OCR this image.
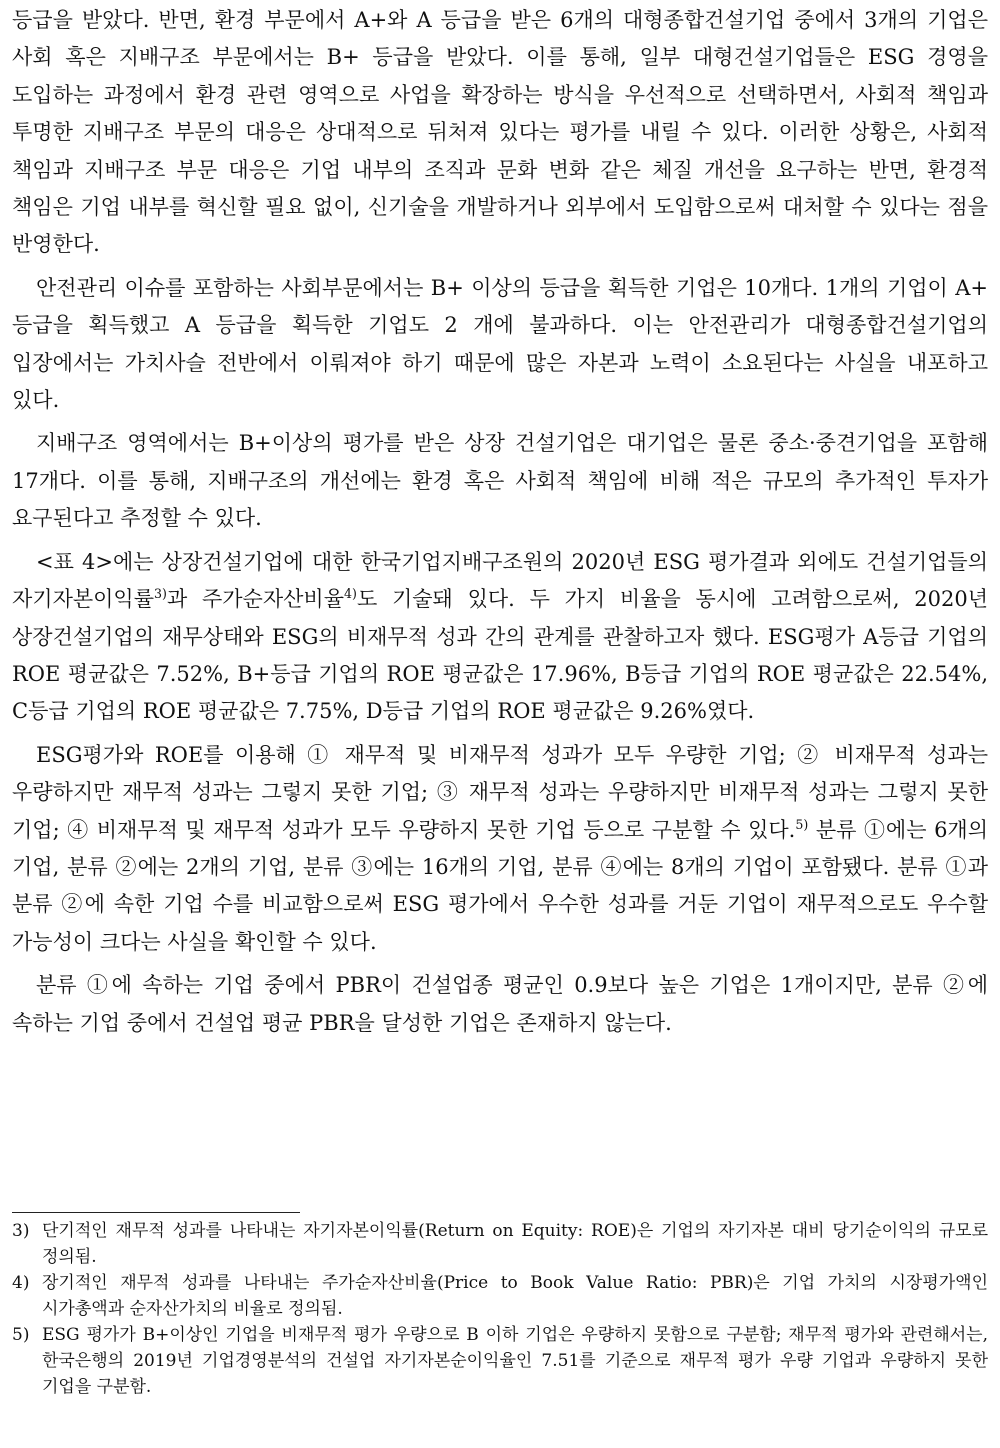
등급을 받았다. 반면, 환경 부문에서 A+와 A 등급을 받은 6개의 대형종합건설기업 중에서 3개의 기업은 사회 혹은 지배구조 부문에서는 B+ 등급을 받았다. 이를 통해, 일부 대형건설기업들은 ESG 경영을 도입하는 과정에서 환경 관련 영역으로 사업을 확장하는 방식을 우선적으로 선택하면서, 사회적 책임과 투명한 지배구조 부문의 대응은 상대적으로 뒤처져 있다는 평가를 내릴 수 있다. 이러한 상황은, 사회적 책임과 지배구조 부문 대응은 기업 내부의 조직과 문화 변화 같은 체질 개선을 요구하는 반면, 환경적 책임은 기업 내부를 혁신할 필요 없이, 신기술을 개발하거나 외부에서 도입함으로써 대처할 수 있다는 점을 반영한다.

안전관리 이슈를 포함하는 사회부문에서는 B+ 이상의 등급을 획득한 기업은 10개다. 1개의 기업이 A+ 등급을 획득했고 A 등급을 획득한 기업도 2 개에 불과하다. 이는 안전관리가 대형종합건설기업의 입장에서는 가치사슬 전반에서 이뤄져야 하기 때문에 많은 자본과 노력이 소요된다는 사실을 내포하고 있다.

지배구조 영역에서는 B+이상의 평가를 받은 상장 건설기업은 대기업은 물론 중소·중견기업을 포함해 17개다. 이를 통해, 지배구조의 개선에는 환경 혹은 사회적 책임에 비해 적은 규모의 추가적인 투자가 요구된다고 추정할 수 있다.

<표 4>에는 상장건설기업에 대한 한국기업지배구조원의 2020년 ESG 평가결과 외에도 건설기업들의 자기자본이익률$^{3)}$과 주가순자산비율$^{4)}$도 기술돼 있다. 두 가지 비율을 동시에 고려함으로써, 2020년 상장건설기업의 재무상태와 ESG의 비재무적 성과 간의 관계를 관찰하고자 했다. ESG평가 A등급 기업의 ROE 평균값은 7.52%, B+등급 기업의 ROE 평균값은 17.96%, B등급 기업의 ROE 평균값은 22.54%, C등급 기업의 ROE 평균값은 7.75%, D등급 기업의 ROE 평균값은 9.26%였다.

ESG평가와 ROE를 이용해 ① 재무적 및 비재무적 성과가 모두 우량한 기업; ② 비재무적 성과는 우량하지만 재무적 성과는 그렇지 못한 기업; ③ 재무적 성과는 우량하지만 비재무적 성과는 그렇지 못한 기업; ④ 비재무적 및 재무적 성과가 모두 우량하지 못한 기업 등으로 구분할 수 있다.$^{5)}$ 분류 ①에는 6개의 기업, 분류 ②에는 2개의 기업, 분류 ③에는 16개의 기업, 분류 ④에는 8개의 기업이 포함됐다. 분류 ①과 분류 ②에 속한 기업 수를 비교함으로써 ESG 평가에서 우수한 성과를 거둔 기업이 재무적으로도 우수할 가능성이 크다는 사실을 확인할 수 있다.

분류 ①에 속하는 기업 중에서 PBR이 건설업종 평균인 0.9보다 높은 기업은 1개이지만, 분류 ②에 속하는 기업 중에서 건설업 평균 PBR을 달성한 기업은 존재하지 않는다.

3) 단기적인 재무적 성과를 나타내는 자기자본이익률(Return on Equity: ROE)은 기업의 자기자본 대비 당기순이익의 규모로 정의됨.
4) 장기적인 재무적 성과를 나타내는 주가순자산비율(Price to Book Value Ratio: PBR)은 기업 가치의 시장평가액인 시가총액과 순자산가치의 비율로 정의됨.
5) ESG 평가가 B+이상인 기업을 비재무적 평가 우량으로 B 이하 기업은 우량하지 못함으로 구분함; 재무적 평가와 관련해서는, 한국은행의 2019년 기업경영분석의 건설업 자기자본순이익율인 7.51를 기준으로 재무적 평가 우량 기업과 우량하지 못한 기업을 구분함.
